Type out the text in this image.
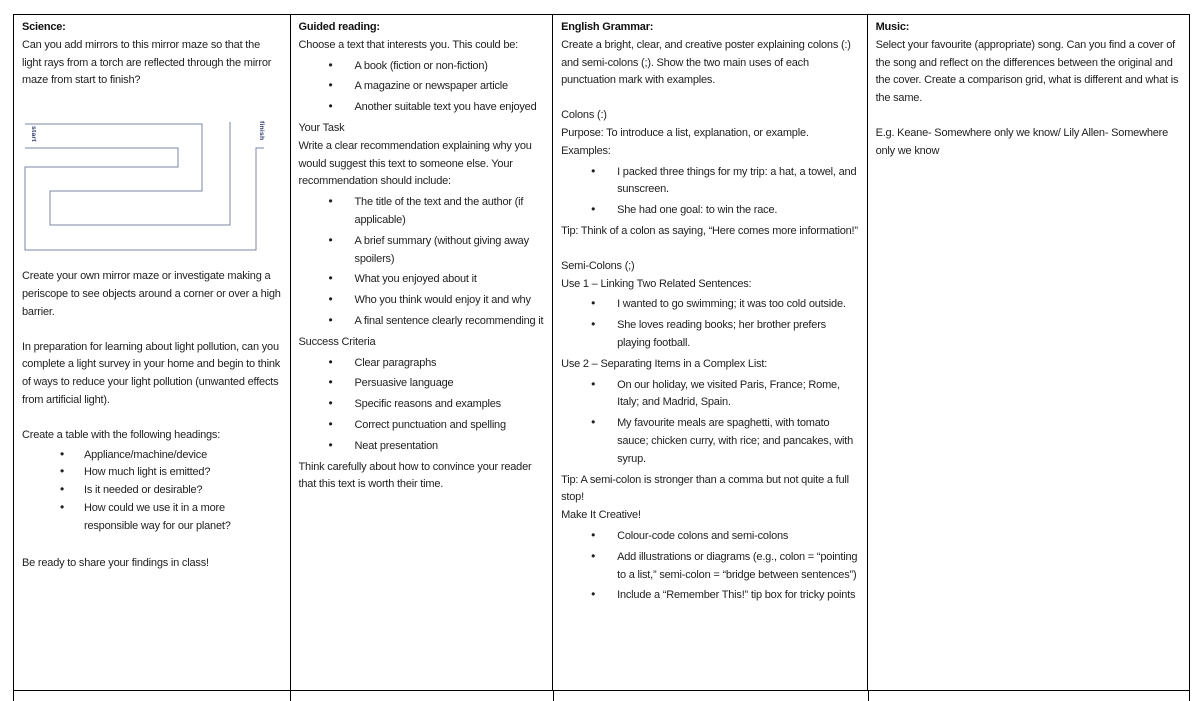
Science:
Can you add mirrors to this mirror maze so that the light rays from a torch are reflected through the mirror maze from start to finish?
start	finish
Create your own mirror maze or investigate making a periscope to see objects around a corner or over a high barrier.
In preparation for learning about light pollution, can you complete a light survey in your home and begin to think of ways to reduce your light pollution (unwanted effects from artificial light).
Create a table with the following headings:
• Appliance/machine/device
• How much light is emitted?
• Is it needed or desirable?
• How could we use it in a more responsible way for our planet?
Be ready to share your findings in class!
Guided reading:
Choose a text that interests you. This could be:
• A book (fiction or non-fiction)
• A magazine or newspaper article
• Another suitable text you have enjoyed
Your Task
Write a clear recommendation explaining why you would suggest this text to someone else. Your recommendation should include:
• The title of the text and the author (if applicable)
• A brief summary (without giving away spoilers)
• What you enjoyed about it
• Who you think would enjoy it and why
• A final sentence clearly recommending it
Success Criteria
• Clear paragraphs
• Persuasive language
• Specific reasons and examples
• Correct punctuation and spelling
• Neat presentation
Think carefully about how to convince your reader that this text is worth their time.
English Grammar:
Create a bright, clear, and creative poster explaining colons (:) and semi-colons (;). Show the two main uses of each punctuation mark with examples.
Colons (:)
Purpose: To introduce a list, explanation, or example.
Examples:
• I packed three things for my trip: a hat, a towel, and sunscreen.
• She had one goal: to win the race.
Tip: Think of a colon as saying, “Here comes more information!”
Semi-Colons (;)
Use 1 – Linking Two Related Sentences:
• I wanted to go swimming; it was too cold outside.
• She loves reading books; her brother prefers playing football.
Use 2 – Separating Items in a Complex List:
• On our holiday, we visited Paris, France; Rome, Italy; and Madrid, Spain.
• My favourite meals are spaghetti, with tomato sauce; chicken curry, with rice; and pancakes, with syrup.
Tip: A semi-colon is stronger than a comma but not quite a full stop!
Make It Creative!
• Colour-code colons and semi-colons
• Add illustrations or diagrams (e.g., colon = “pointing to a list,” semi-colon = “bridge between sentences”)
• Include a “Remember This!” tip box for tricky points
Music:
Select your favourite (appropriate) song. Can you find a cover of the song and reflect on the differences between the original and the cover. Create a comparison grid, what is different and what is the same.
E.g. Keane- Somewhere only we know/ Lily Allen- Somewhere only we know
